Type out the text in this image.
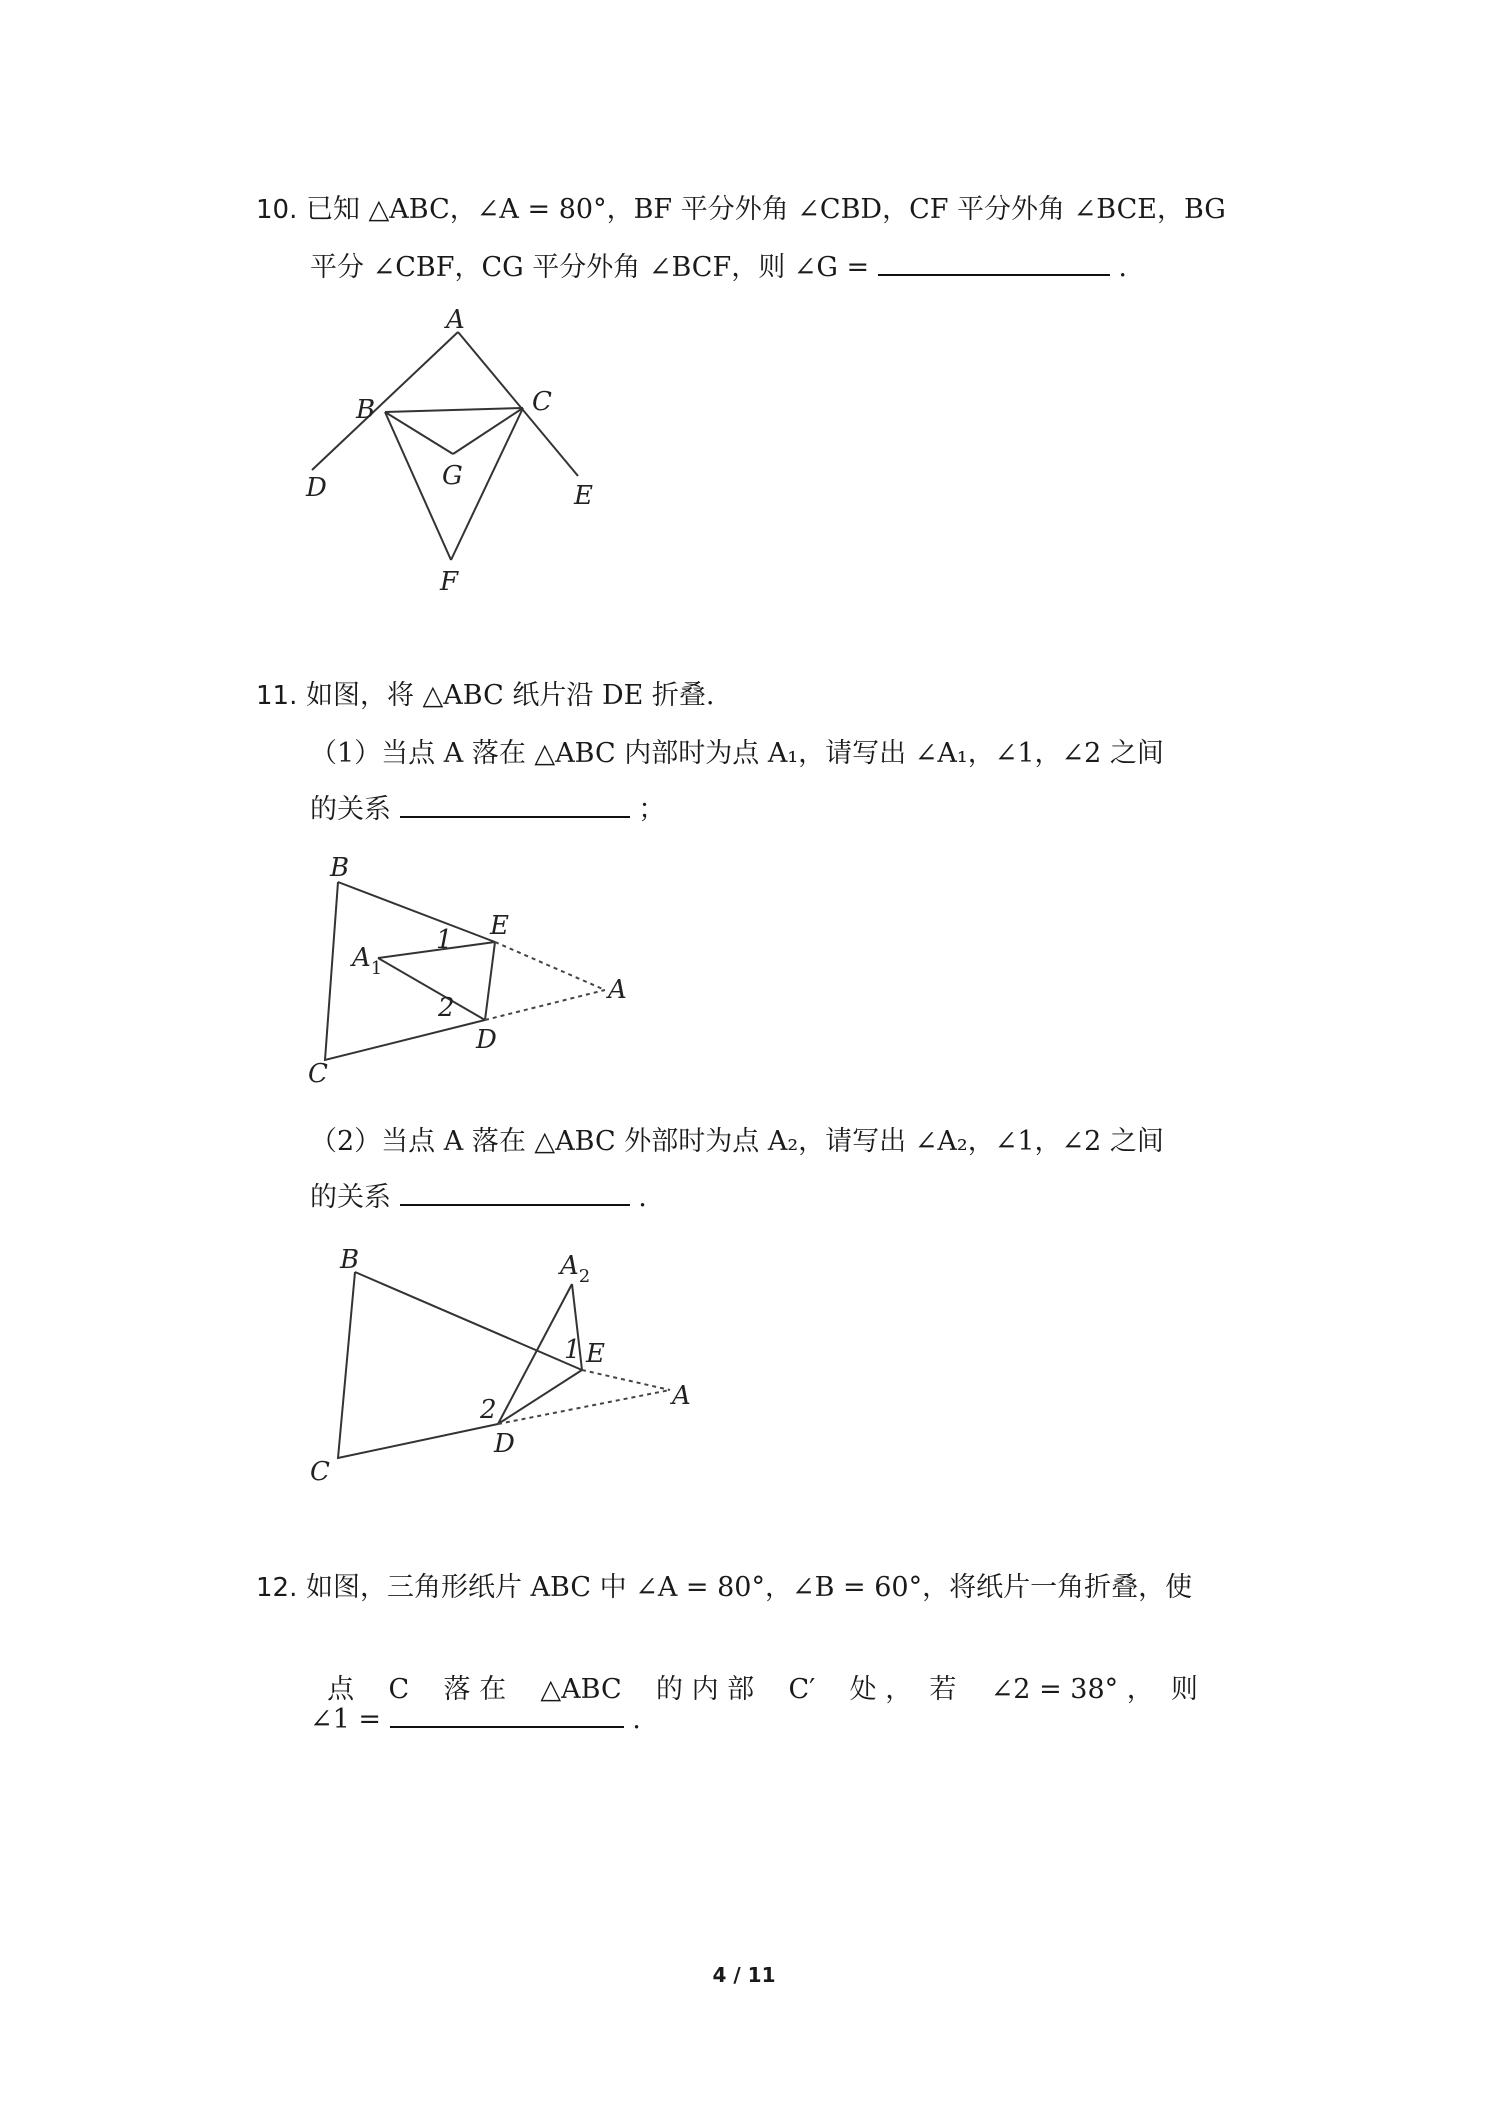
10. 已知 △ABC，∠A = 80°，BF 平分外角 ∠CBD，CF 平分外角 ∠BCE，BG
平分 ∠CBF，CG 平分外角 ∠BCF，则 ∠G =	.
A
B	C
D	E
G
F
11. 如图，将 △ABC 纸片沿 DE 折叠.
（1）当点 A 落在 △ABC 内部时为点 A₁，请写出 ∠A₁，∠1，∠2 之间
的关系	；
B
C
E
D
A
$A_1$
1
2
（2）当点 A 落在 △ABC 外部时为点 A₂，请写出 ∠A₂，∠1，∠2 之间
的关系	.
B
C
E
D
A
$A_2$
1
2
12. 如图，三角形纸片 ABC 中 ∠A = 80°，∠B = 60°，将纸片一角折叠，使

点    C    落 在    △ABC    的 内 部    C′    处 ，  若    ∠2 = 38° ，  则

∠1 =	.
4 / 11
